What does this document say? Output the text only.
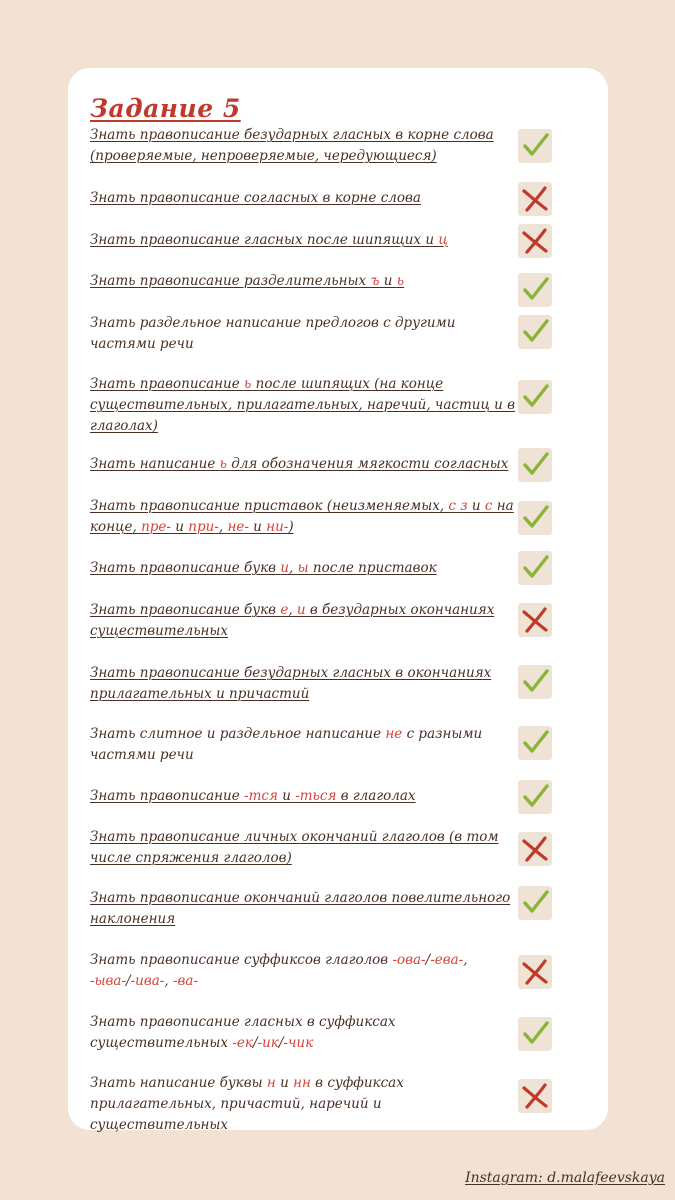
Задание 5
Знать правописание безударных гласных в корне слова (проверяемые, непроверяемые, чередующиеся)
Знать правописание согласных в корне слова
Знать правописание гласных после шипящих и ц
Знать правописание разделительных ъ и ь
Знать раздельное написание предлогов с другими частями речи
Знать правописание ь после шипящих (на конце существительных, прилагательных, наречий, частиц и в глаголах)
Знать написание ь для обозначения мягкости согласных
Знать правописание приставок (неизменяемых, с з и с на конце, пре- и при-, не- и ни-)
Знать правописание букв и, ы после приставок
Знать правописание букв е, и в безударных окончаниях существительных
Знать правописание безударных гласных в окончаниях прилагательных и причастий
Знать слитное и раздельное написание не с разными частями речи
Знать правописание -тся и -ться в глаголах
Знать правописание личных окончаний глаголов (в том числе спряжения глаголов)
Знать правописание окончаний глаголов повелительного наклонения
Знать правописание суффиксов глаголов -ова-/-ева-, -ыва-/-ива-, -ва-
Знать правописание гласных в суффиксах существительных -ек/-ик/-чик
Знать написание буквы н и нн в суффиксах прилагательных, причастий, наречий и существительных
Instagram: d.malafeevskaya
